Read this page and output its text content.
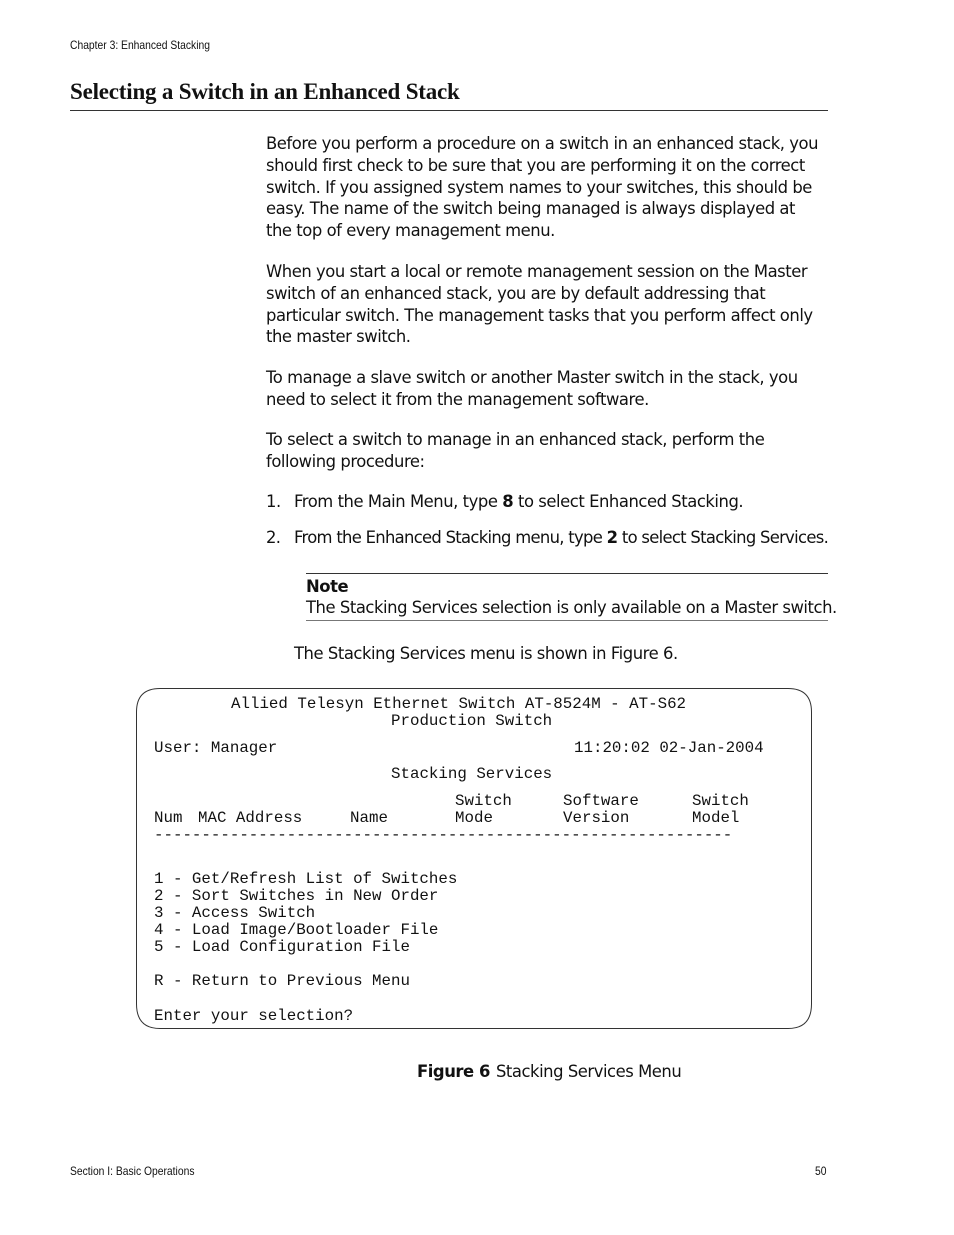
Chapter 3: Enhanced Stacking
Selecting a Switch in an Enhanced Stack

Before you perform a procedure on a switch in an enhanced stack, you should first check to be sure that you are performing it on the correct switch. If you assigned system names to your switches, this should be easy. The name of the switch being managed is always displayed at the top of every management menu.

When you start a local or remote management session on the Master switch of an enhanced stack, you are by default addressing that particular switch. The management tasks that you perform affect only the master switch.

To manage a slave switch or another Master switch in the stack, you need to select it from the management software.

To select a switch to manage in an enhanced stack, perform the following procedure:

1. From the Main Menu, type 8 to select Enhanced Stacking.
2. From the Enhanced Stacking menu, type 2 to select Stacking Services.
Note
The Stacking Services selection is only available on a Master switch.

The Stacking Services menu is shown in Figure 6.

Allied Telesyn Ethernet Switch AT-8524M - AT-S62
Production Switch
User: Manager	11:20:02 02-Jan-2004
Stacking Services
Switch	Software	Switch
Num MAC Address	Name	Mode	Version	Model
-------------------------------------------------------------
1 - Get/Refresh List of Switches
2 - Sort Switches in New Order
3 - Access Switch
4 - Load Image/Bootloader File
5 - Load Configuration File
R - Return to Previous Menu
Enter your selection?
Figure 6 Stacking Services Menu
Section I: Basic Operations	50
